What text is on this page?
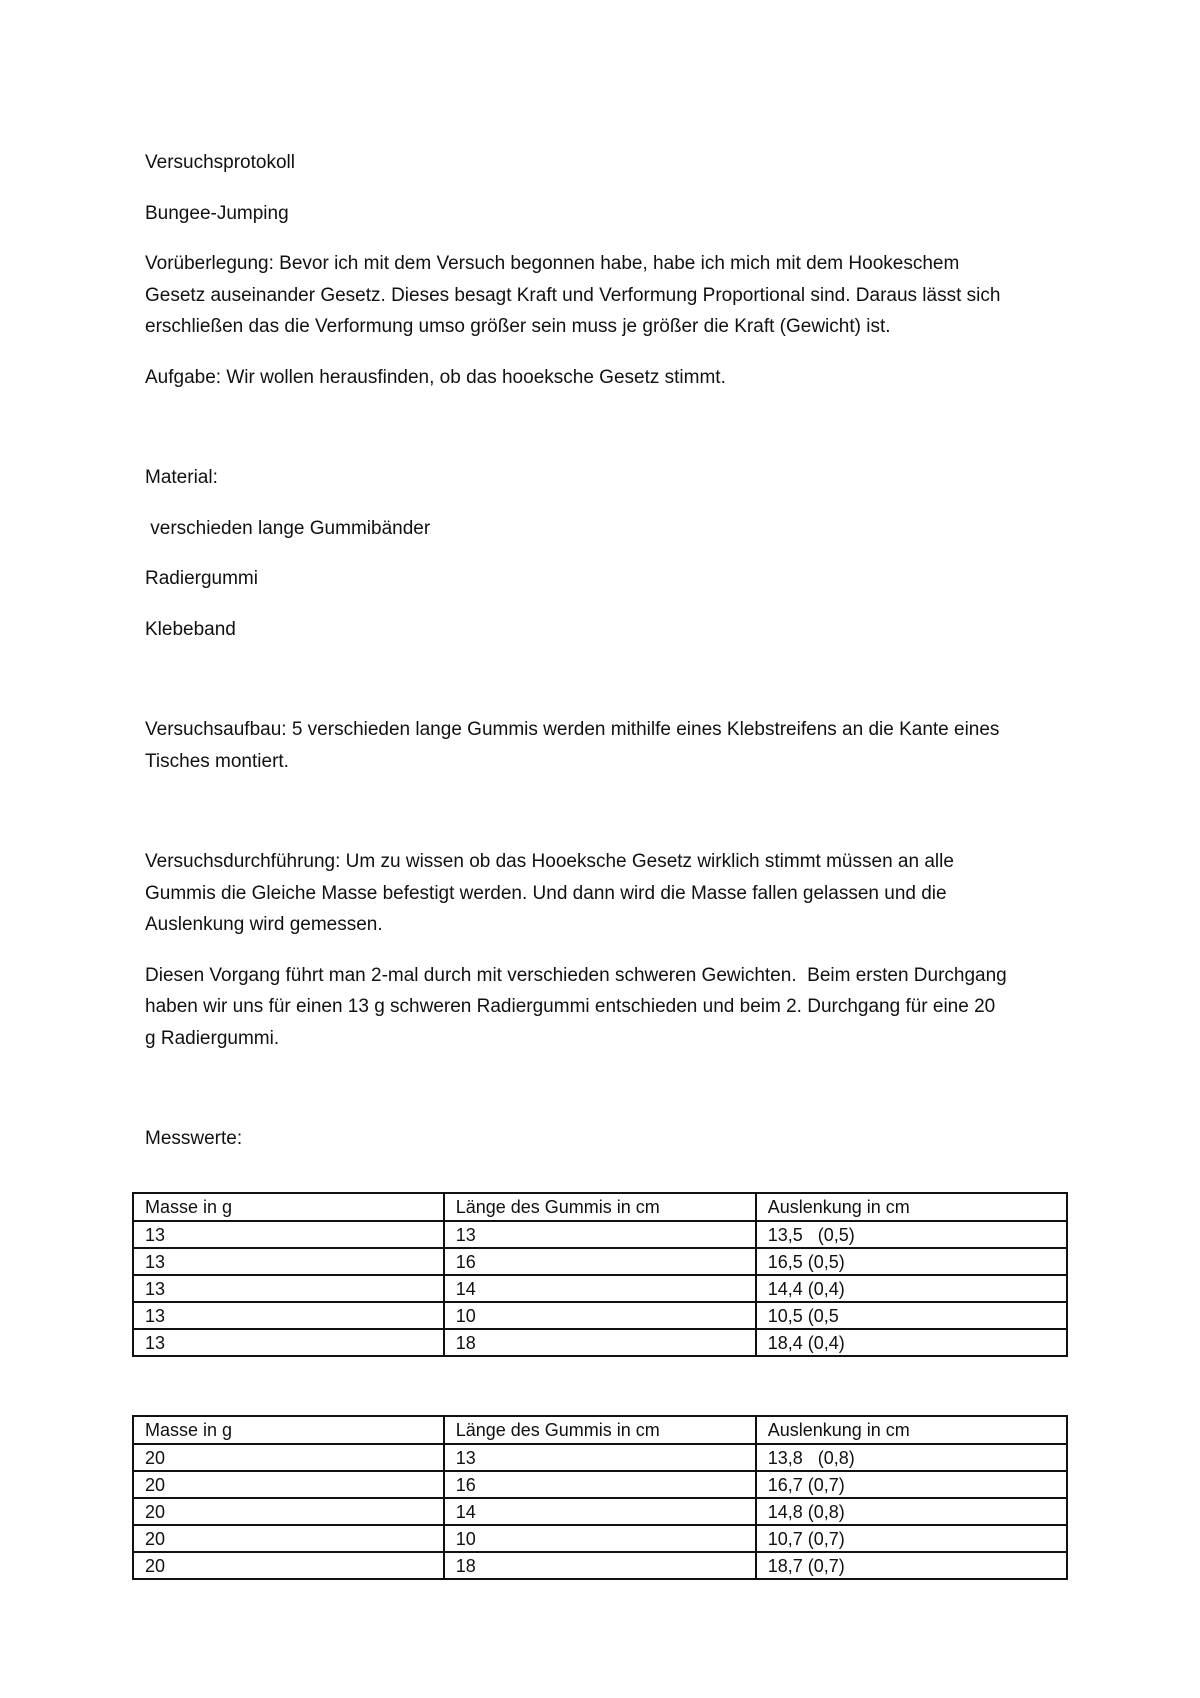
Versuchsprotokoll

Bungee-Jumping

Vorüberlegung: Bevor ich mit dem Versuch begonnen habe, habe ich mich mit dem Hookeschem

Gesetz auseinander Gesetz. Dieses besagt Kraft und Verformung Proportional sind. Daraus lässt sich

erschließen das die Verformung umso größer sein muss je größer die Kraft (Gewicht) ist.

Aufgabe: Wir wollen herausfinden, ob das hooeksche Gesetz stimmt.

Material:

verschieden lange Gummibänder

Radiergummi

Klebeband

Versuchsaufbau: 5 verschieden lange Gummis werden mithilfe eines Klebstreifens an die Kante eines

Tisches montiert.

Versuchsdurchführung: Um zu wissen ob das Hooeksche Gesetz wirklich stimmt müssen an alle

Gummis die Gleiche Masse befestigt werden. Und dann wird die Masse fallen gelassen und die

Auslenkung wird gemessen.

Diesen Vorgang führt man 2-mal durch mit verschieden schweren Gewichten.  Beim ersten Durchgang

haben wir uns für einen 13 g schweren Radiergummi entschieden und beim 2. Durchgang für eine 20

g Radiergummi.

Messwerte:

Masse in g	Länge des Gummis in cm	Auslenkung in cm
13	13	13,5   (0,5)
13	16	16,5 (0,5)
13	14	14,4 (0,4)
13	10	10,5 (0,5
13	18	18,4 (0,4)
Masse in g	Länge des Gummis in cm	Auslenkung in cm
20	13	13,8   (0,8)
20	16	16,7 (0,7)
20	14	14,8 (0,8)
20	10	10,7 (0,7)
20	18	18,7 (0,7)
